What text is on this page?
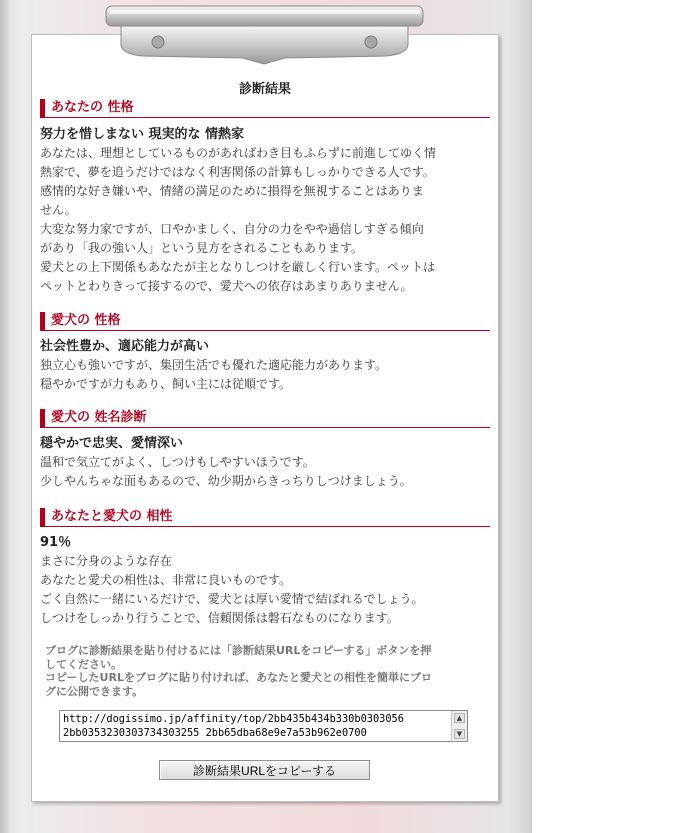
診断結果
あなたの 性格
努力を惜しまない 現実的な 情熱家
あなたは、理想としているものがあればわき目もふらずに前進してゆく情
熱家で、夢を追うだけではなく利害関係の計算もしっかりできる人です。
感情的な好き嫌いや、情緒の満足のために損得を無視することはありま
せん。
大変な努力家ですが、口やかましく、自分の力をやや過信しすぎる傾向
があり「我の強い人」という見方をされることもあります。
愛犬との上下関係もあなたが主となりしつけを厳しく行います。ペットは
ペットとわりきって接するので、愛犬への依存はあまりありません。
愛犬の 性格
社会性豊か、適応能力が高い
独立心も強いですが、集団生活でも優れた適応能力があります。
穏やかですが力もあり、飼い主には従順です。
愛犬の 姓名診断
穏やかで忠実、愛情深い
温和で気立てがよく、しつけもしやすいほうです。
少しやんちゃな面もあるので、幼少期からきっちりしつけましょう。
あなたと愛犬の 相性
91％
まさに分身のような存在
あなたと愛犬の相性は、非常に良いものです。
ごく自然に一緒にいるだけで、愛犬とは厚い愛情で結ばれるでしょう。
しつけをしっかり行うことで、信頼関係は磐石なものになります。
ブログに診断結果を貼り付けるには「診断結果URLをコピーする」ボタンを押
してください。
コピーしたURLをブログに貼り付ければ、あなたと愛犬との相性を簡単にブロ
グに公開できます。
http://dogissimo.jp/affinity/top/2bb435b434b330b0303056
2bb0353230303734303255 2bb65dba68e9e7a53b962e0700
▲
▼
診断結果URLをコピーする
